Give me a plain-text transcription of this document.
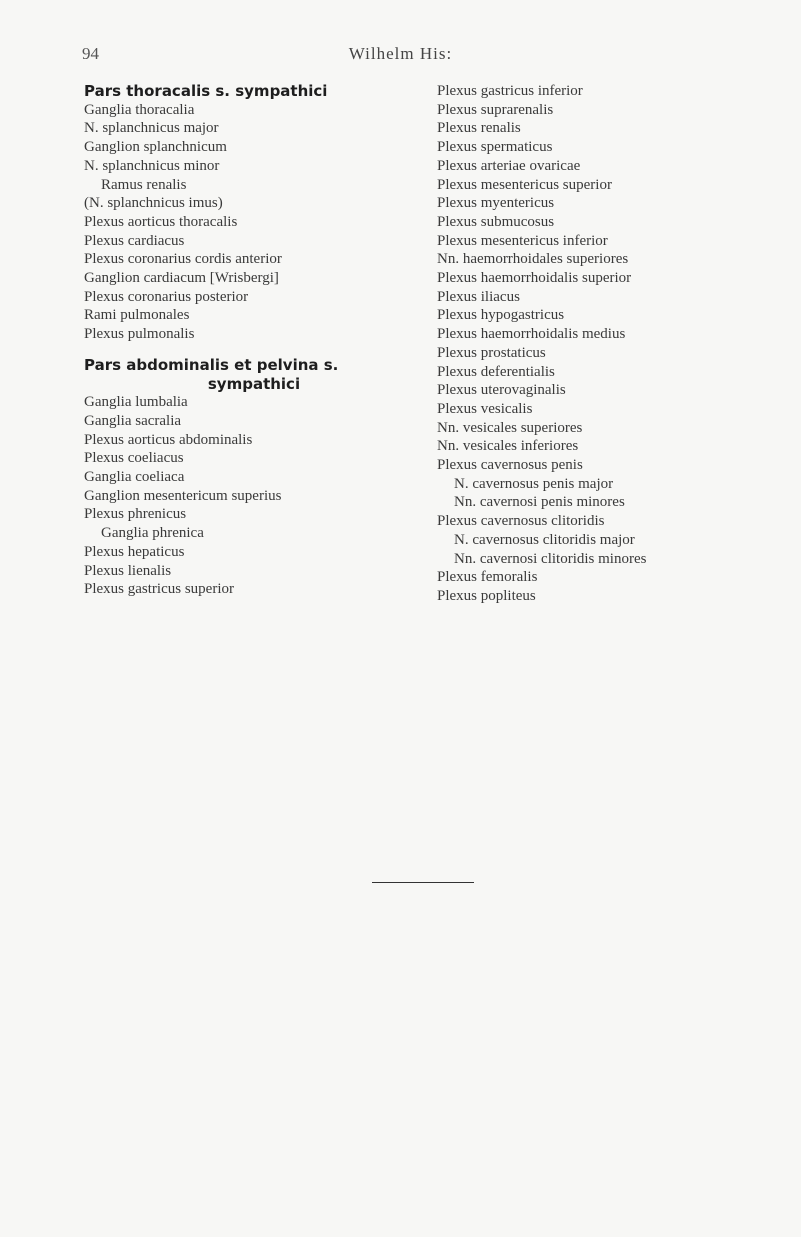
94	Wilhelm His:
Pars thoracalis s. sympathici
Ganglia thoracalia
N. splanchnicus major
Ganglion splanchnicum
N. splanchnicus minor
Ramus renalis
(N. splanchnicus imus)
Plexus aorticus thoracalis
Plexus cardiacus
Plexus coronarius cordis anterior
Ganglion cardiacum [Wrisbergi]
Plexus coronarius posterior
Rami pulmonales
Plexus pulmonalis
Pars abdominalis et pelvina s.
sympathici
Ganglia lumbalia
Ganglia sacralia
Plexus aorticus abdominalis
Plexus coeliacus
Ganglia coeliaca
Ganglion mesentericum superius
Plexus phrenicus
Ganglia phrenica
Plexus hepaticus
Plexus lienalis
Plexus gastricus superior
Plexus gastricus inferior
Plexus suprarenalis
Plexus renalis
Plexus spermaticus
Plexus arteriae ovaricae
Plexus mesentericus superior
Plexus myentericus
Plexus submucosus
Plexus mesentericus inferior
Nn. haemorrhoidales superiores
Plexus haemorrhoidalis superior
Plexus iliacus
Plexus hypogastricus
Plexus haemorrhoidalis medius
Plexus prostaticus
Plexus deferentialis
Plexus uterovaginalis
Plexus vesicalis
Nn. vesicales superiores
Nn. vesicales inferiores
Plexus cavernosus penis
N. cavernosus penis major
Nn. cavernosi penis minores
Plexus cavernosus clitoridis
N. cavernosus clitoridis major
Nn. cavernosi clitoridis minores
Plexus femoralis
Plexus popliteus
